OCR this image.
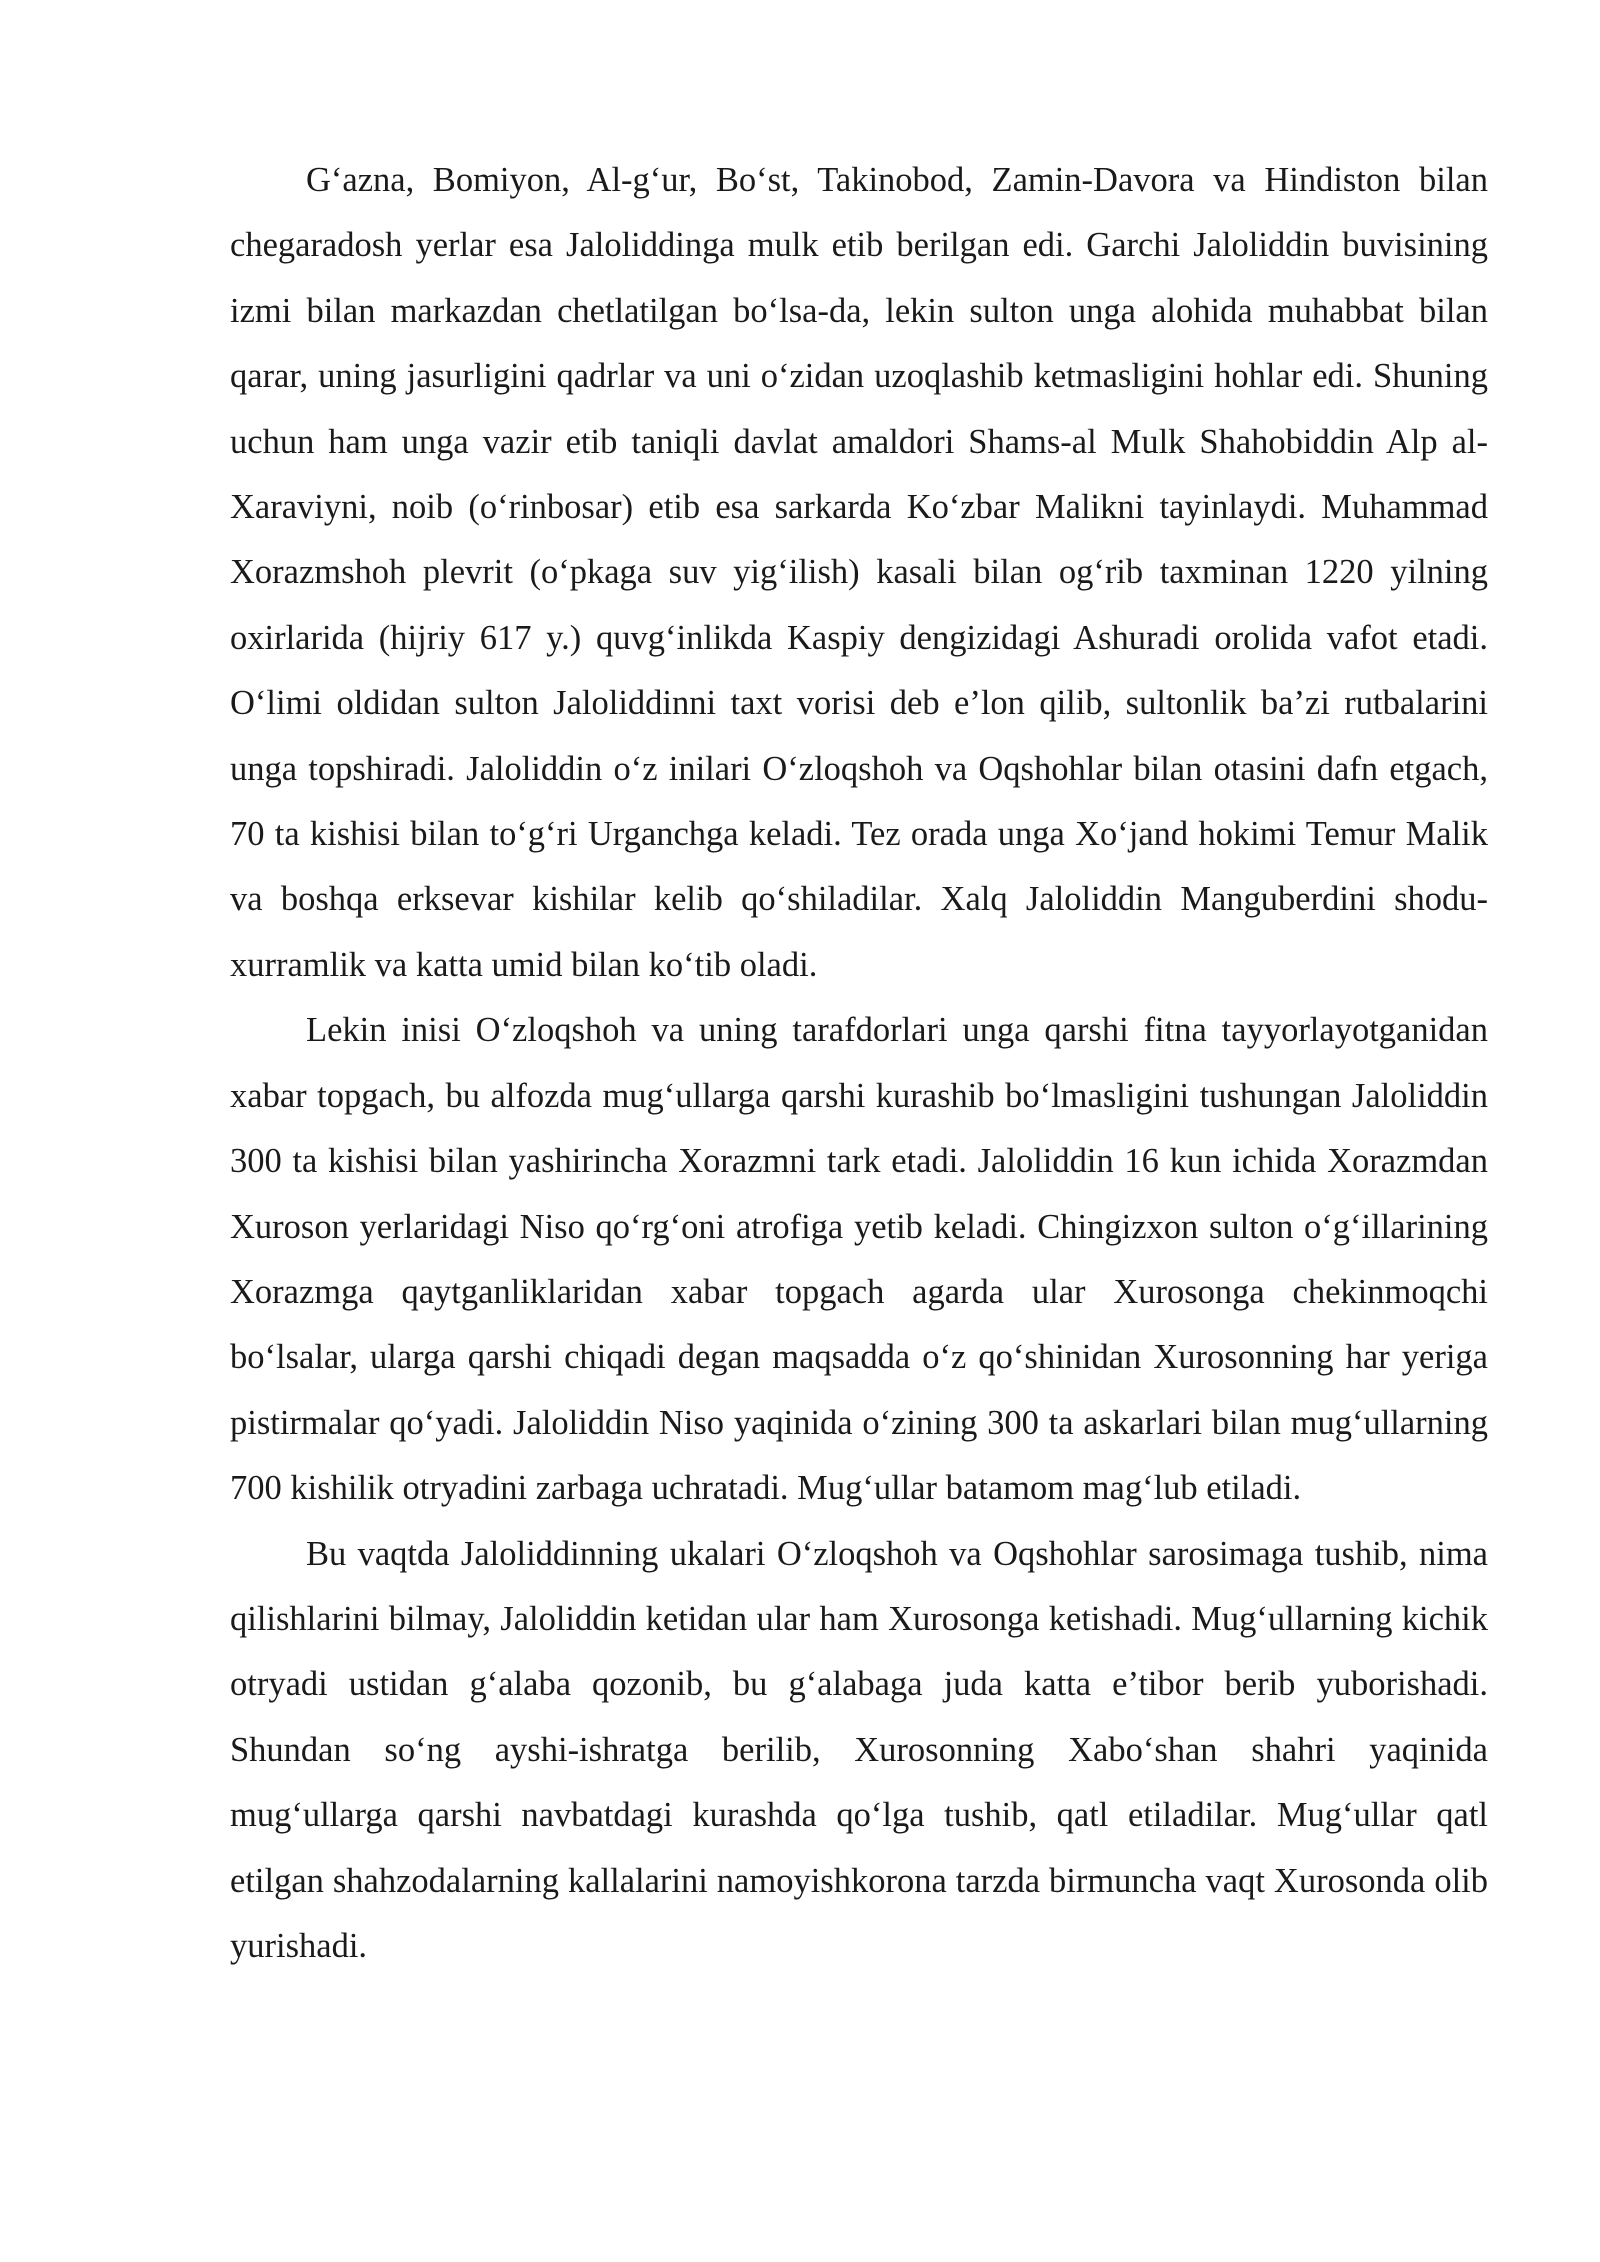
G‘azna, Bomiyon, Al-g‘ur, Bo‘st, Takinobod, Zamin-Davora va Hindiston bilan chegaradosh yerlar esa Jaloliddinga mulk etib berilgan edi. Garchi Jaloliddin buvisining izmi bilan markazdan chetlatilgan bo‘lsa-da, lekin sulton unga alohida muhabbat bilan qarar, uning jasurligini qadrlar va uni o‘zidan uzoqlashib ketmasligini hohlar edi. Shuning uchun ham unga vazir etib taniqli davlat amaldori Shams-al Mulk Shahobiddin Alp al-Xaraviyni, noib (o‘rinbosar) etib esa sarkarda Ko‘zbar Malikni tayinlaydi. Muhammad Xorazmshoh plevrit (o‘pkaga suv yig‘ilish) kasali bilan og‘rib taxminan 1220 yilning oxirlarida (hijriy 617 y.) quvg‘inlikda Kaspiy dengizidagi Ashuradi orolida vafot etadi. O‘limi oldidan sulton Jaloliddinni taxt vorisi deb e’lon qilib, sultonlik ba’zi rutbalarini unga topshiradi. Jaloliddin o‘z inilari O‘zloqshoh va Oqshohlar bilan otasini dafn etgach, 70 ta kishisi bilan to‘g‘ri Urganchga keladi. Tez orada unga Xo‘jand hokimi Temur Malik va boshqa erksevar kishilar kelib qo‘shiladilar. Xalq Jaloliddin Manguberdini shodu-xurramlik va katta umid bilan ko‘tib oladi.

Lekin inisi O‘zloqshoh va uning tarafdorlari unga qarshi fitna tayyorlayotganidan xabar topgach, bu alfozda mug‘ullarga qarshi kurashib bo‘lmasligini tushungan Jaloliddin 300 ta kishisi bilan yashirincha Xorazmni tark etadi. Jaloliddin 16 kun ichida Xorazmdan Xuroson yerlaridagi Niso qo‘rg‘oni atrofiga yetib keladi. Chingizxon sulton o‘g‘illarining Xorazmga qaytganliklaridan xabar topgach agarda ular Xurosonga chekinmoqchi bo‘lsalar, ularga qarshi chiqadi degan maqsadda o‘z qo‘shinidan Xurosonning har yeriga pistirmalar qo‘yadi. Jaloliddin Niso yaqinida o‘zining 300 ta askarlari bilan mug‘ullarning 700 kishilik otryadini zarbaga uchratadi. Mug‘ullar batamom mag‘lub etiladi.

Bu vaqtda Jaloliddinning ukalari O‘zloqshoh va Oqshohlar sarosimaga tushib, nima qilishlarini bilmay, Jaloliddin ketidan ular ham Xurosonga ketishadi. Mug‘ullarning kichik otryadi ustidan g‘alaba qozonib, bu g‘alabaga juda katta e’tibor berib yuborishadi. Shundan so‘ng ayshi-ishratga berilib, Xurosonning Xabo‘shan shahri yaqinida mug‘ullarga qarshi navbatdagi kurashda qo‘lga tushib, qatl etiladilar. Mug‘ullar qatl etilgan shahzodalarning kallalarini namoyishkorona tarzda birmuncha vaqt Xurosonda olib yurishadi.
